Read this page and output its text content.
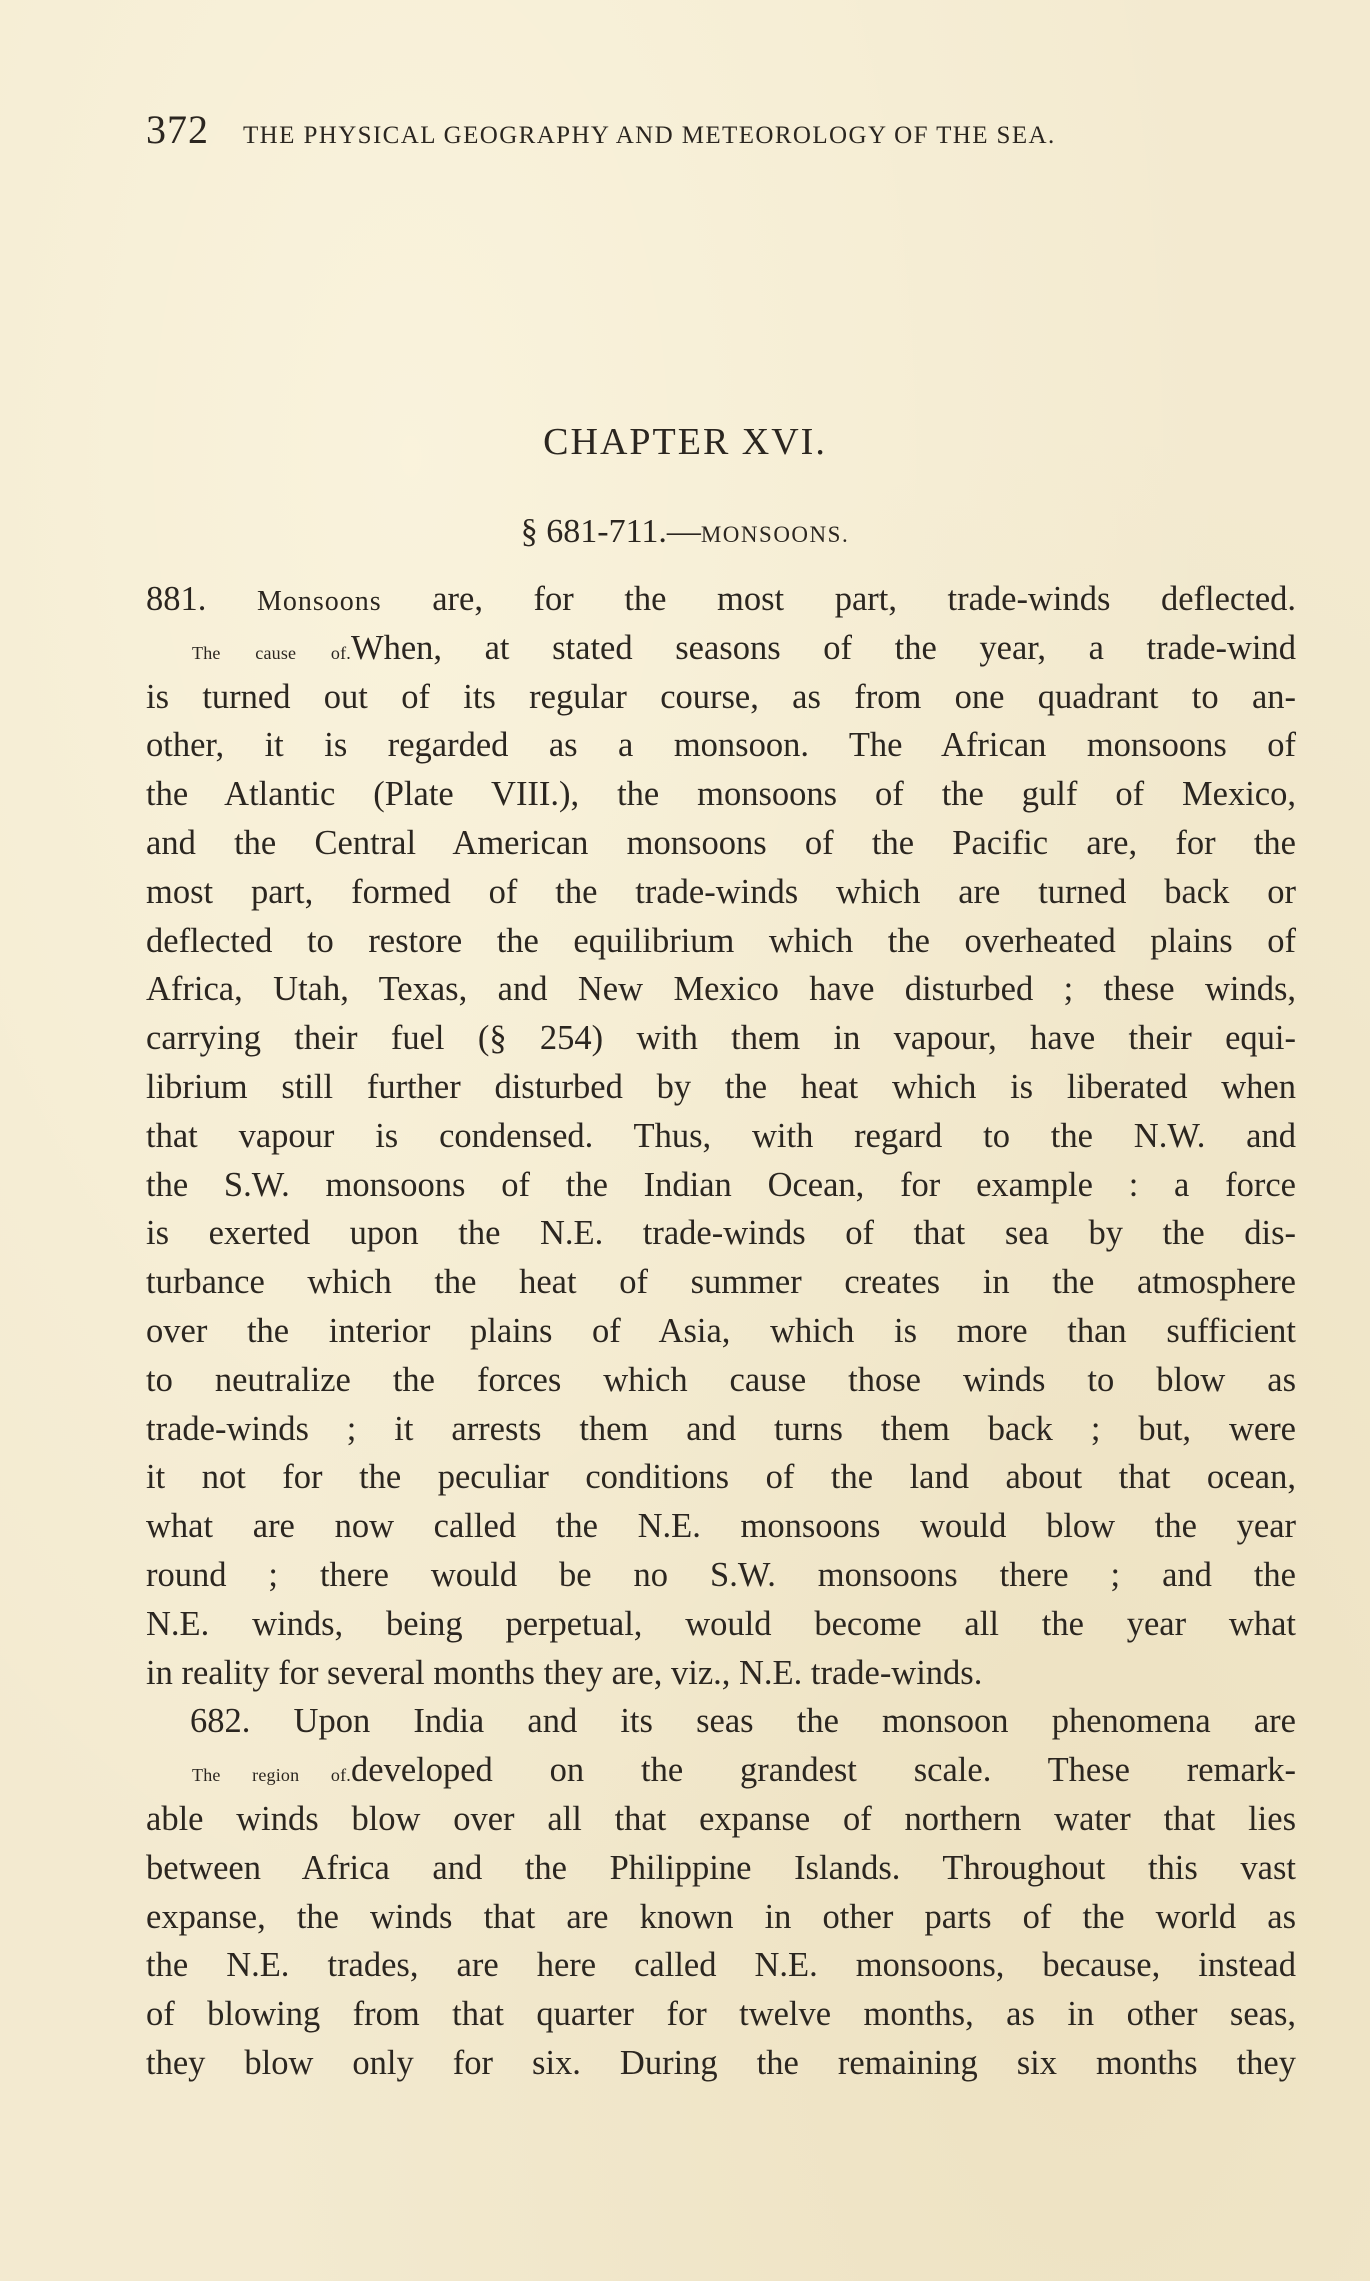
372 THE PHYSICAL GEOGRAPHY AND METEOROLOGY OF THE SEA.
CHAPTER XVI.
§ 681-711.—MONSOONS.
881. Monsoons are, for the most part, trade-winds deflected.
The cause of. When, at stated seasons of the year, a trade-wind
is turned out of its regular course, as from one quadrant to an-
other, it is regarded as a monsoon. The African monsoons of
the Atlantic (Plate VIII.), the monsoons of the gulf of Mexico,
and the Central American monsoons of the Pacific are, for the
most part, formed of the trade-winds which are turned back or
deflected to restore the equilibrium which the overheated plains of
Africa, Utah, Texas, and New Mexico have disturbed ; these winds,
carrying their fuel (§ 254) with them in vapour, have their equi-
librium still further disturbed by the heat which is liberated when
that vapour is condensed. Thus, with regard to the N.W. and
the S.W. monsoons of the Indian Ocean, for example : a force
is exerted upon the N.E. trade-winds of that sea by the dis-
turbance which the heat of summer creates in the atmosphere
over the interior plains of Asia, which is more than sufficient
to neutralize the forces which cause those winds to blow as
trade-winds ; it arrests them and turns them back ; but, were
it not for the peculiar conditions of the land about that ocean,
what are now called the N.E. monsoons would blow the year
round ; there would be no S.W. monsoons there ; and the
N.E. winds, being perpetual, would become all the year what
in reality for several months they are, viz., N.E. trade-winds.
682. Upon India and its seas the monsoon phenomena are
The region of. developed on the grandest scale. These remark-
able winds blow over all that expanse of northern water that lies
between Africa and the Philippine Islands. Throughout this vast
expanse, the winds that are known in other parts of the world as
the N.E. trades, are here called N.E. monsoons, because, instead
of blowing from that quarter for twelve months, as in other seas,
they blow only for six. During the remaining six months they
